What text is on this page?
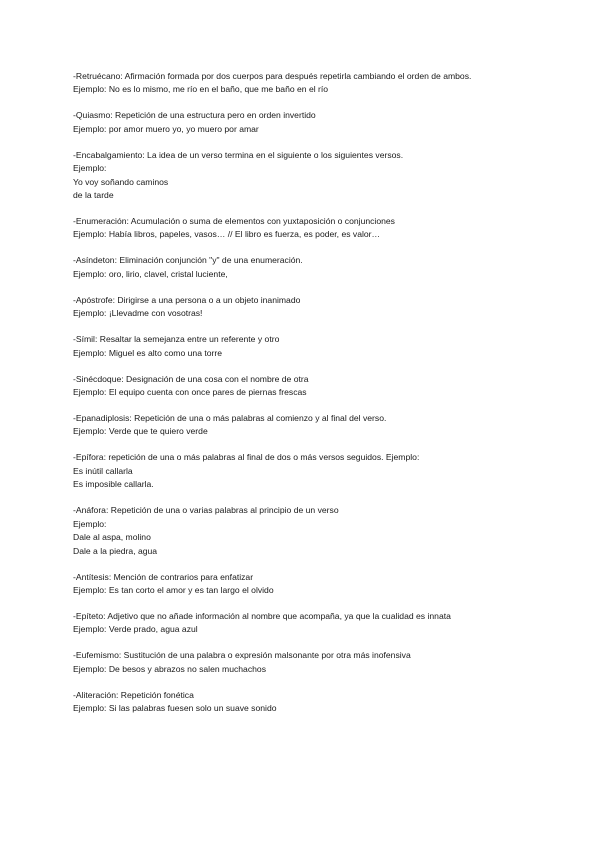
-Retruécano: Afirmación formada por dos cuerpos para después repetirla cambiando el orden de ambos.
Ejemplo: No es lo mismo, me río en el baño, que me baño en el río
-Quiasmo: Repetición de una estructura pero en orden invertido
Ejemplo: por amor muero yo, yo muero por amar
-Encabalgamiento: La idea de un verso termina en el siguiente o los siguientes versos.
Ejemplo:
Yo voy soñando caminos
de la tarde
-Enumeración: Acumulación o suma de elementos con yuxtaposición o conjunciones
Ejemplo: Había libros, papeles, vasos… // El libro es fuerza, es poder, es valor…
-Asíndeton: Eliminación conjunción "y" de una enumeración.
Ejemplo: oro, lirio, clavel, cristal luciente,
-Apóstrofe: Dirigirse a una persona o a un objeto inanimado
Ejemplo: ¡Llevadme con vosotras!
-Símil: Resaltar la semejanza entre un referente y otro
Ejemplo: Miguel es alto como una torre
-Sinécdoque: Designación de una cosa con el nombre de otra
Ejemplo: El equipo cuenta con once pares de piernas frescas
-Epanadiplosis: Repetición de una o más palabras al comienzo y al final del verso.
Ejemplo: Verde que te quiero verde
-Epífora: repetición de una o más palabras al final de dos o más versos seguidos. Ejemplo:
Es inútil callarla
Es imposible callarla.
-Anáfora: Repetición de una o varias palabras al principio de un verso
Ejemplo:
Dale al aspa, molino
Dale a la piedra, agua
-Antítesis: Mención de contrarios para enfatizar
Ejemplo: Es tan corto el amor y es tan largo el olvido
-Epíteto: Adjetivo que no añade información al nombre que acompaña, ya que la cualidad es innata
Ejemplo: Verde prado, agua azul
-Eufemismo: Sustitución de una palabra o expresión malsonante por otra más inofensiva
Ejemplo: De besos y abrazos no salen muchachos
-Aliteración: Repetición fonética
Ejemplo: Si las palabras fuesen solo un suave sonido
